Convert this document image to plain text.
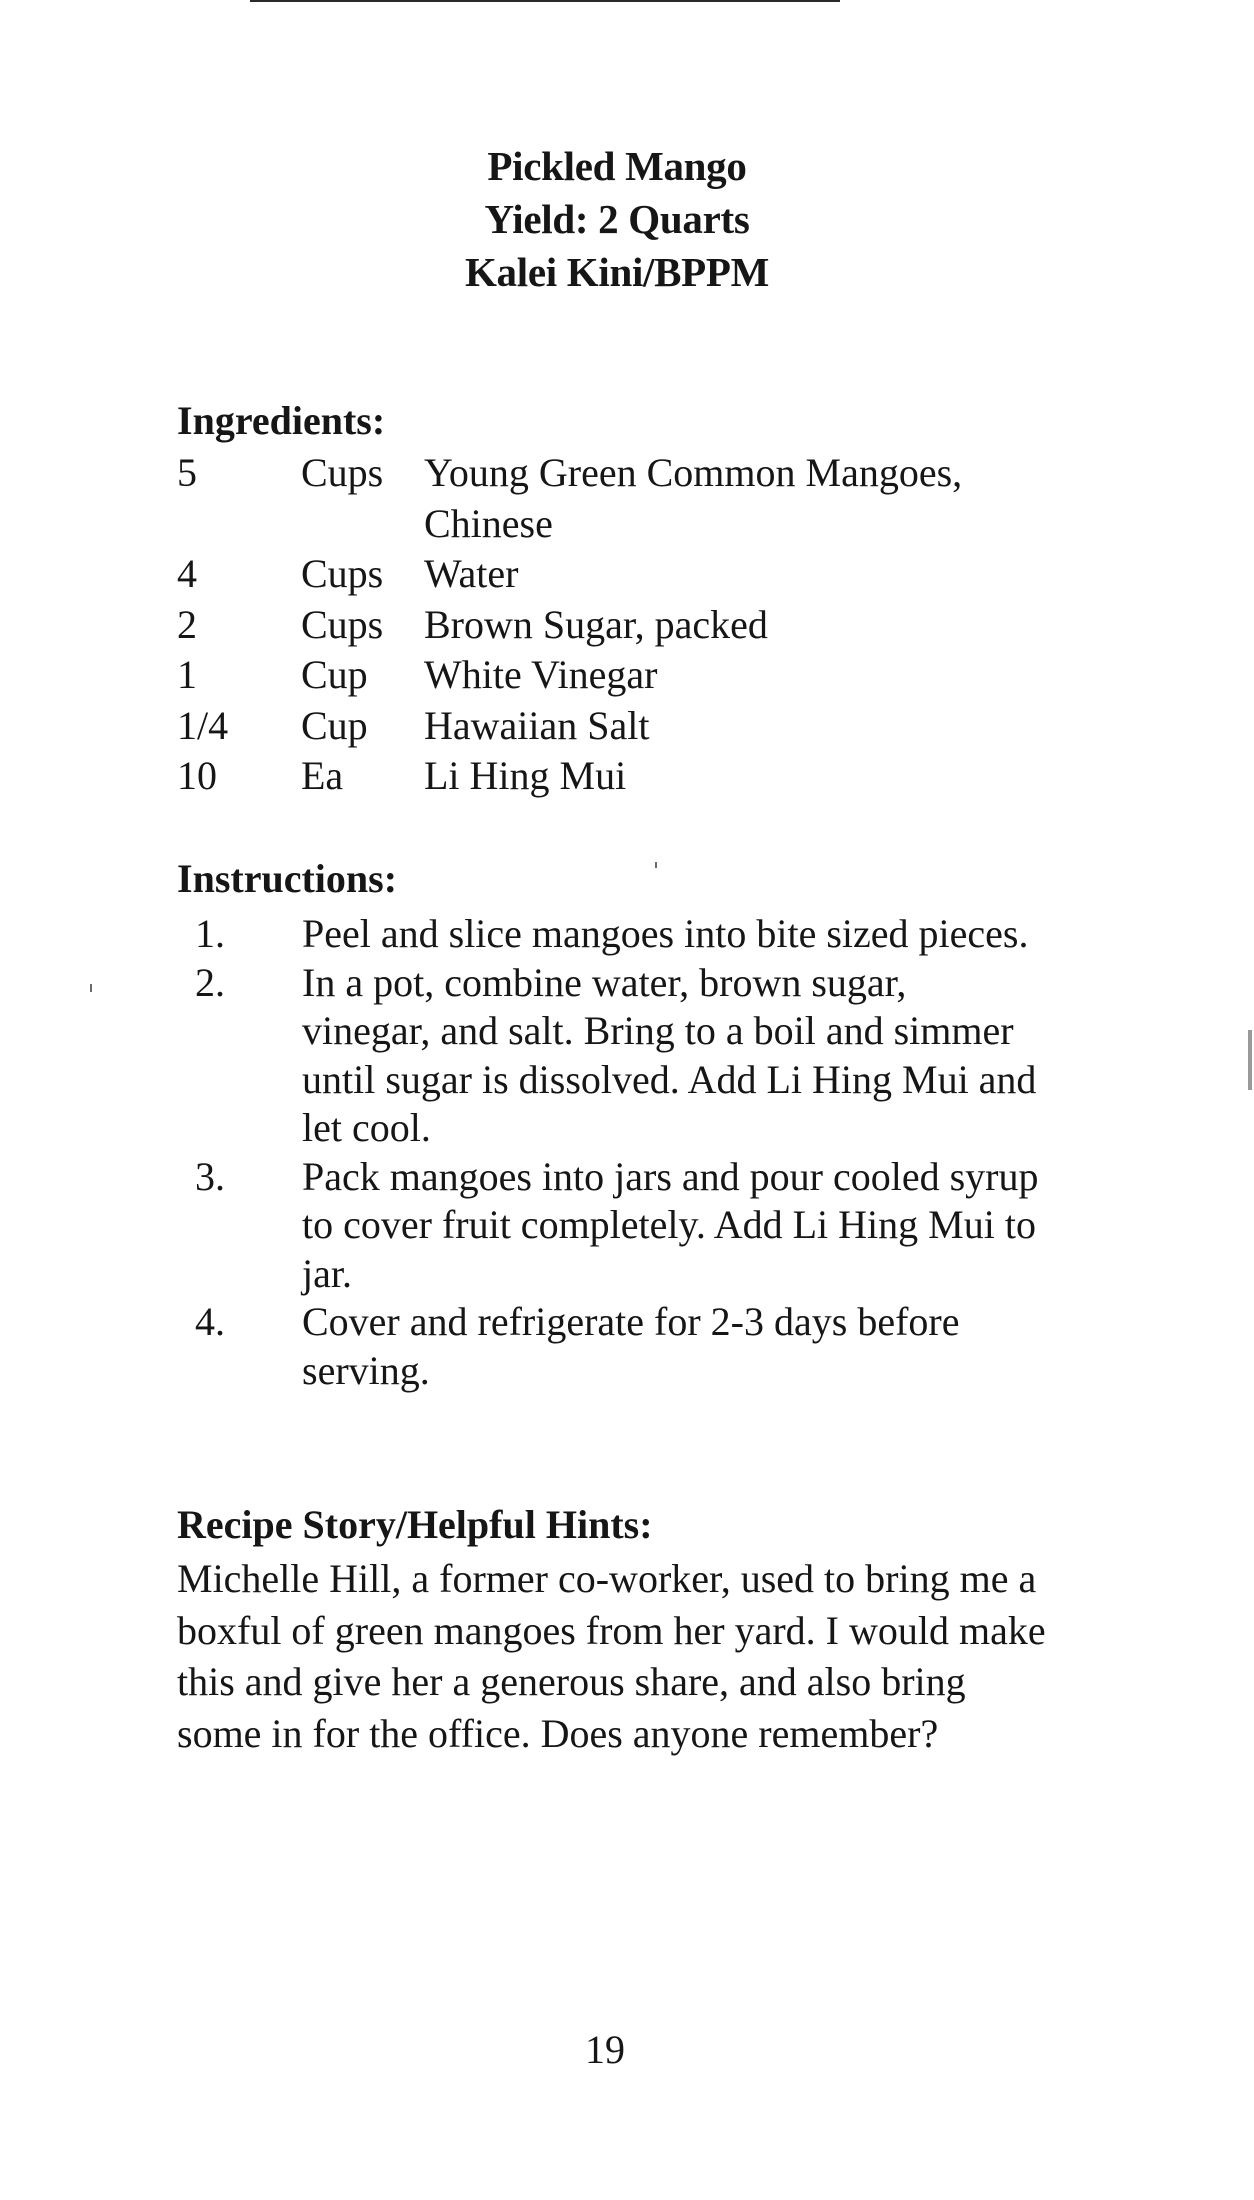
Pickled Mango
Yield: 2 Quarts
Kalei Kini/BPPM
Ingredients:
5	Cups Young Green Common Mangoes, Chinese
4	Cups Water
2	Cups Brown Sugar, packed
1	Cup White Vinegar
1/4 Cup Hawaiian Salt
10 Ea Li Hing Mui
Instructions:
1. Peel and slice mangoes into bite sized pieces.
2. In a pot, combine water, brown sugar, vinegar, and salt. Bring to a boil and simmer until sugar is dissolved. Add Li Hing Mui and let cool.
3. Pack mangoes into jars and pour cooled syrup to cover fruit completely. Add Li Hing Mui to jar.
4. Cover and refrigerate for 2-3 days before serving.
Recipe Story/Helpful Hints:
Michelle Hill, a former co-worker, used to bring me a boxful of green mangoes from her yard. I would make this and give her a generous share, and also bring some in for the office. Does anyone remember?
19
